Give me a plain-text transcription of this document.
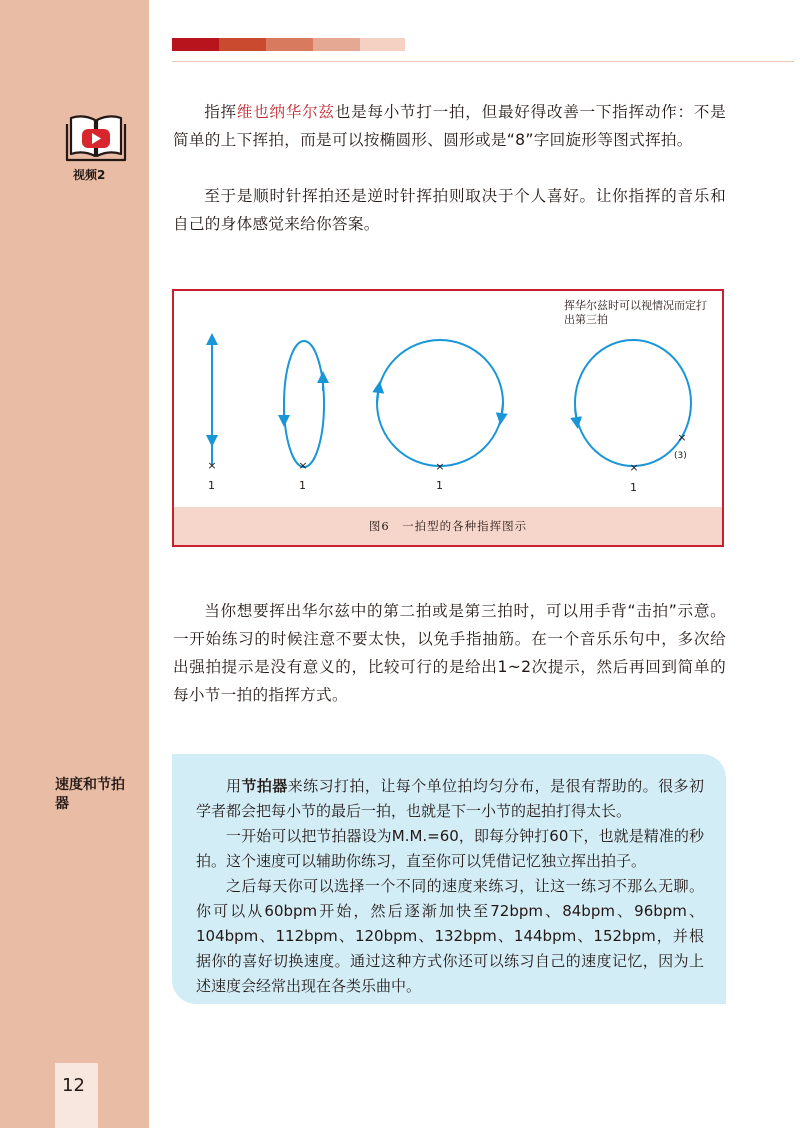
视频2
速度和节拍器
12

指挥维也纳华尔兹也是每小节打一拍，但最好得改善一下指挥动作：不是简单的上下挥拍，而是可以按椭圆形、圆形或是“8”字回旋形等图式挥拍。

至于是顺时针挥拍还是逆时针挥拍则取决于个人喜好。让你指挥的音乐和自己的身体感觉来给你答案。

×	×	×	×
×
挥华尔兹时可以视情况而定打出第三拍
1	1	1	1
(3)
图6　一拍型的各种指挥图示

当你想要挥出华尔兹中的第二拍或是第三拍时，可以用手背“击拍”示意。一开始练习的时候注意不要太快，以免手指抽筋。在一个音乐乐句中，多次给出强拍提示是没有意义的，比较可行的是给出1~2次提示，然后再回到简单的每小节一拍的指挥方式。

用节拍器来练习打拍，让每个单位拍均匀分布，是很有帮助的。很多初学者都会把每小节的最后一拍，也就是下一小节的起拍打得太长。

一开始可以把节拍器设为M.M.=60，即每分钟打60下，也就是精准的秒拍。这个速度可以辅助你练习，直至你可以凭借记忆独立挥出拍子。

之后每天你可以选择一个不同的速度来练习，让这一练习不那么无聊。你可以从60bpm开始，然后逐渐加快至72bpm、84bpm、96bpm、104bpm、112bpm、120bpm、132bpm、144bpm、152bpm，并根据你的喜好切换速度。通过这种方式你还可以练习自己的速度记忆，因为上述速度会经常出现在各类乐曲中。
